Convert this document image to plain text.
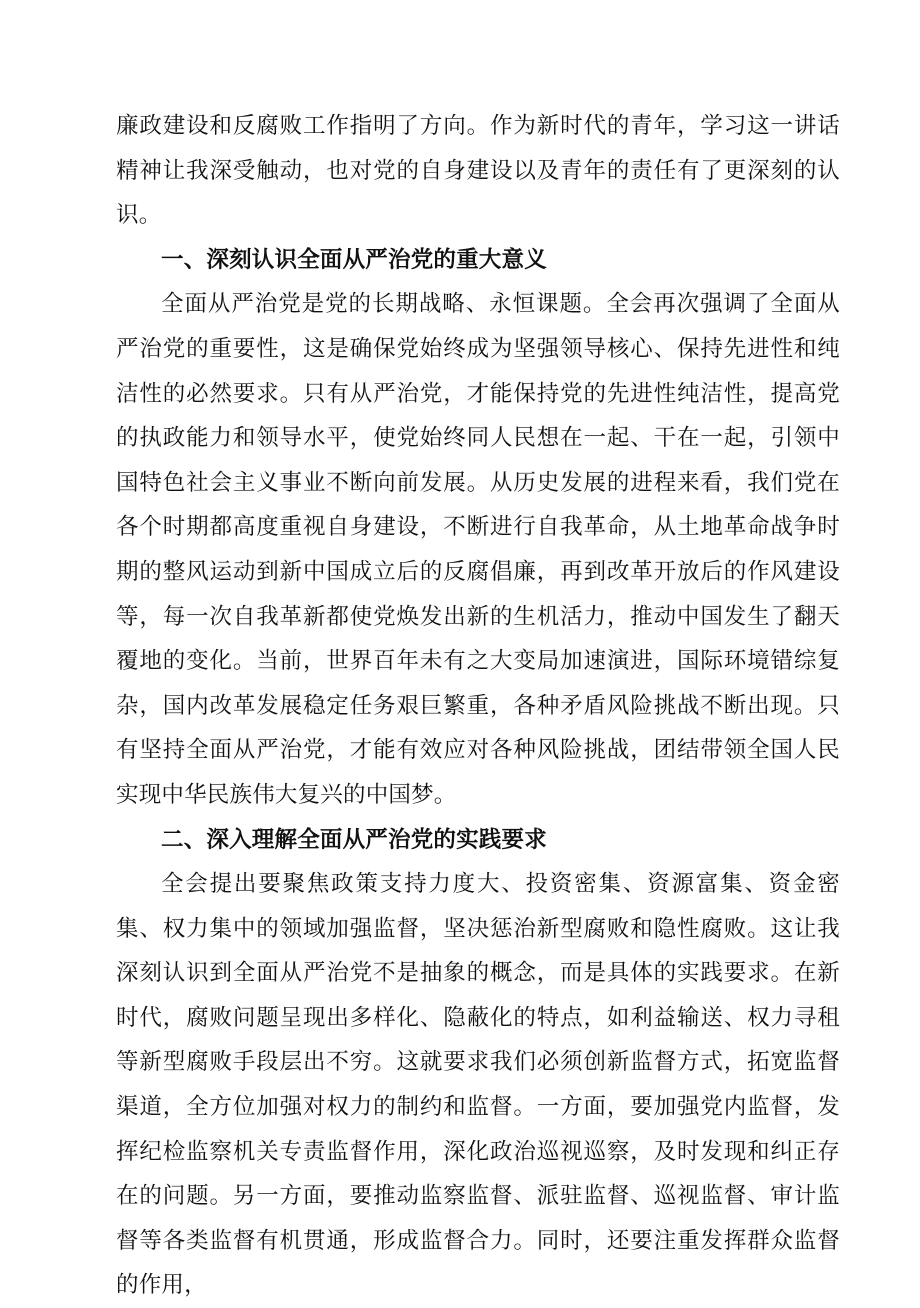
廉政建设和反腐败工作指明了方向。作为新时代的青年，学习这一讲话精神让我深受触动，也对党的自身建设以及青年的责任有了更深刻的认识。

一、深刻认识全面从严治党的重大意义

全面从严治党是党的长期战略、永恒课题。全会再次强调了全面从严治党的重要性，这是确保党始终成为坚强领导核心、保持先进性和纯洁性的必然要求。只有从严治党，才能保持党的先进性纯洁性，提高党的执政能力和领导水平，使党始终同人民想在一起、干在一起，引领中国特色社会主义事业不断向前发展。从历史发展的进程来看，我们党在各个时期都高度重视自身建设，不断进行自我革命，从土地革命战争时期的整风运动到新中国成立后的反腐倡廉，再到改革开放后的作风建设等，每一次自我革新都使党焕发出新的生机活力，推动中国发生了翻天覆地的变化。当前，世界百年未有之大变局加速演进，国际环境错综复杂，国内改革发展稳定任务艰巨繁重，各种矛盾风险挑战不断出现。只有坚持全面从严治党，才能有效应对各种风险挑战，团结带领全国人民实现中华民族伟大复兴的中国梦。

二、深入理解全面从严治党的实践要求

全会提出要聚焦政策支持力度大、投资密集、资源富集、资金密集、权力集中的领域加强监督，坚决惩治新型腐败和隐性腐败。这让我深刻认识到全面从严治党不是抽象的概念，而是具体的实践要求。在新时代，腐败问题呈现出多样化、隐蔽化的特点，如利益输送、权力寻租等新型腐败手段层出不穷。这就要求我们必须创新监督方式，拓宽监督渠道，全方位加强对权力的制约和监督。一方面，要加强党内监督，发挥纪检监察机关专责监督作用，深化政治巡视巡察，及时发现和纠正存在的问题。另一方面，要推动监察监督、派驻监督、巡视监督、审计监督等各类监督有机贯通，形成监督合力。同时，还要注重发挥群众监督的作用，
